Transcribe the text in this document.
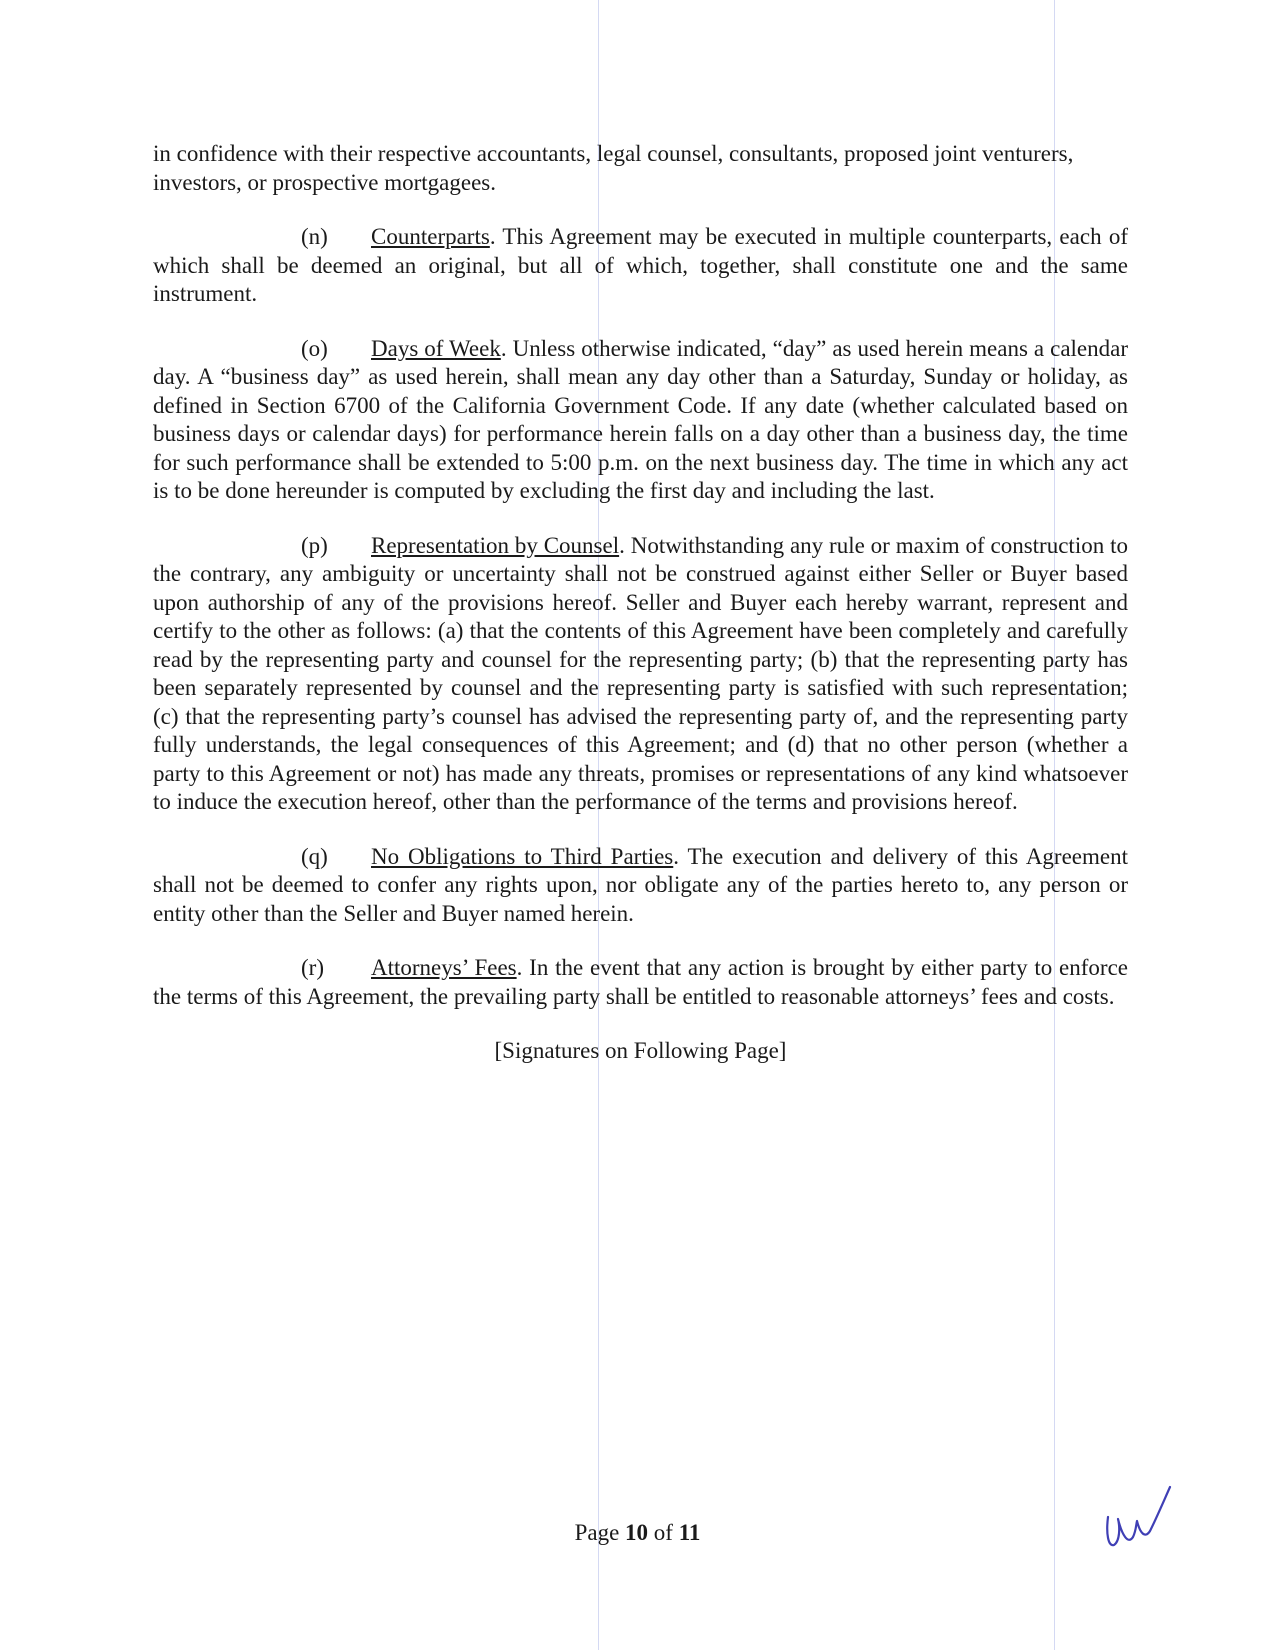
in confidence with their respective accountants, legal counsel, consultants, proposed joint venturers, investors, or prospective mortgagees.

(n) Counterparts. This Agreement may be executed in multiple counterparts, each of which shall be deemed an original, but all of which, together, shall constitute one and the same instrument.

(o) Days of Week. Unless otherwise indicated, “day” as used herein means a calendar day. A “business day” as used herein, shall mean any day other than a Saturday, Sunday or holiday, as defined in Section 6700 of the California Government Code. If any date (whether calculated based on business days or calendar days) for performance herein falls on a day other than a business day, the time for such performance shall be extended to 5:00 p.m. on the next business day. The time in which any act is to be done hereunder is computed by excluding the first day and including the last.

(p) Representation by Counsel. Notwithstanding any rule or maxim of construction to the contrary, any ambiguity or uncertainty shall not be construed against either Seller or Buyer based upon authorship of any of the provisions hereof. Seller and Buyer each hereby warrant, represent and certify to the other as follows: (a) that the contents of this Agreement have been completely and carefully read by the representing party and counsel for the representing party; (b) that the representing party has been separately represented by counsel and the representing party is satisfied with such representation; (c) that the representing party’s counsel has advised the representing party of, and the representing party fully understands, the legal consequences of this Agreement; and (d) that no other person (whether a party to this Agreement or not) has made any threats, promises or representations of any kind whatsoever to induce the execution hereof, other than the performance of the terms and provisions hereof.

(q) No Obligations to Third Parties. The execution and delivery of this Agreement shall not be deemed to confer any rights upon, nor obligate any of the parties hereto to, any person or entity other than the Seller and Buyer named herein.

(r) Attorneys’ Fees. In the event that any action is brought by either party to enforce the terms of this Agreement, the prevailing party shall be entitled to reasonable attorneys’ fees and costs.

[Signatures on Following Page]

Page 10 of 11
